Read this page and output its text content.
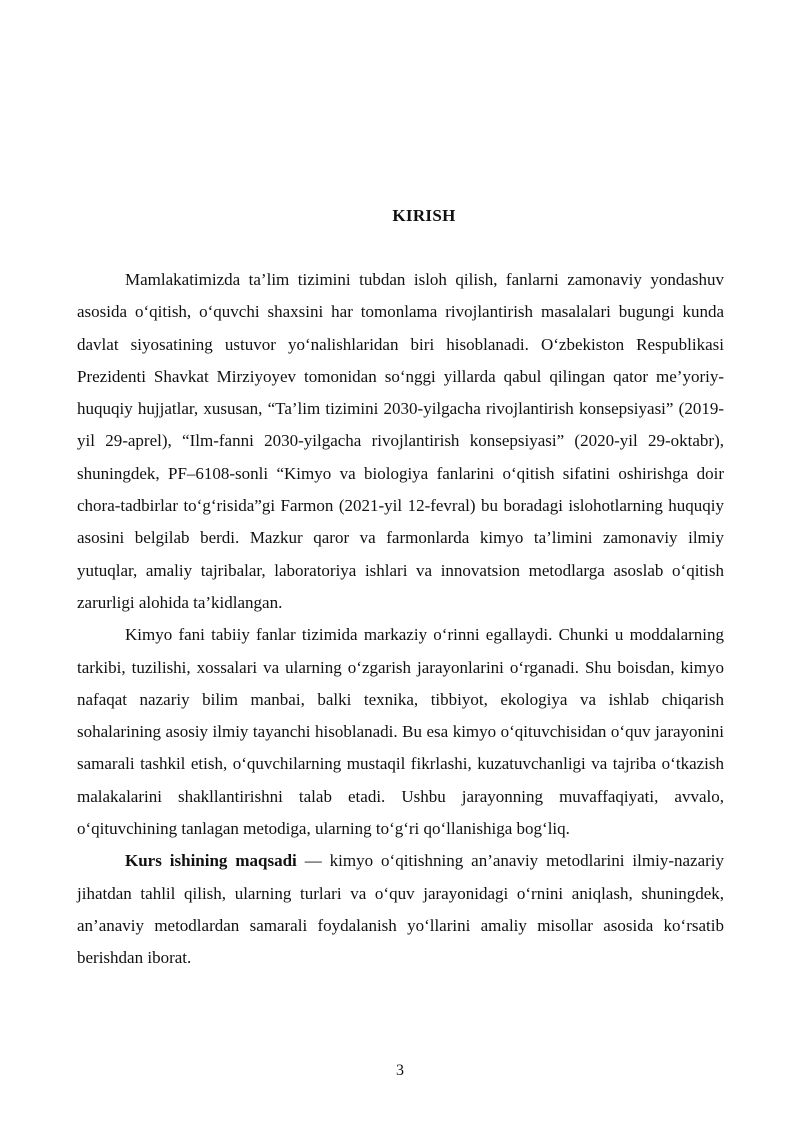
KIRISH

Mamlakatimizda ta’lim tizimini tubdan isloh qilish, fanlarni zamonaviy yondashuv asosida o‘qitish, o‘quvchi shaxsini har tomonlama rivojlantirish masalalari bugungi kunda davlat siyosatining ustuvor yo‘nalishlaridan biri hisoblanadi. O‘zbekiston Respublikasi Prezidenti Shavkat Mirziyoyev tomonidan so‘nggi yillarda qabul qilingan qator me’yoriy-huquqiy hujjatlar, xususan, “Ta’lim tizimini 2030-yilgacha rivojlantirish konsepsiyasi” (2019-yil 29-aprel), “Ilm-fanni 2030-yilgacha rivojlantirish konsepsiyasi” (2020-yil 29-oktabr), shuningdek, PF–6108-sonli “Kimyo va biologiya fanlarini o‘qitish sifatini oshirishga doir chora-tadbirlar to‘g‘risida”gi Farmon (2021-yil 12-fevral) bu boradagi islohotlarning huquqiy asosini belgilab berdi. Mazkur qaror va farmonlarda kimyo ta’limini zamonaviy ilmiy yutuqlar, amaliy tajribalar, laboratoriya ishlari va innovatsion metodlarga asoslab o‘qitish zarurligi alohida ta’kidlangan.

Kimyo fani tabiiy fanlar tizimida markaziy o‘rinni egallaydi. Chunki u moddalarning tarkibi, tuzilishi, xossalari va ularning o‘zgarish jarayonlarini o‘rganadi. Shu boisdan, kimyo nafaqat nazariy bilim manbai, balki texnika, tibbiyot, ekologiya va ishlab chiqarish sohalarining asosiy ilmiy tayanchi hisoblanadi. Bu esa kimyo o‘qituvchisidan o‘quv jarayonini samarali tashkil etish, o‘quvchilarning mustaqil fikrlashi, kuzatuvchanligi va tajriba o‘tkazish malakalarini shakllantirishni talab etadi. Ushbu jarayonning muvaffaqiyati, avvalo, o‘qituvchining tanlagan metodiga, ularning to‘g‘ri qo‘llanishiga bog‘liq.

Kurs ishining maqsadi — kimyo o‘qitishning an’anaviy metodlarini ilmiy-nazariy jihatdan tahlil qilish, ularning turlari va o‘quv jarayonidagi o‘rnini aniqlash, shuningdek, an’anaviy metodlardan samarali foydalanish yo‘llarini amaliy misollar asosida ko‘rsatib berishdan iborat.

3
